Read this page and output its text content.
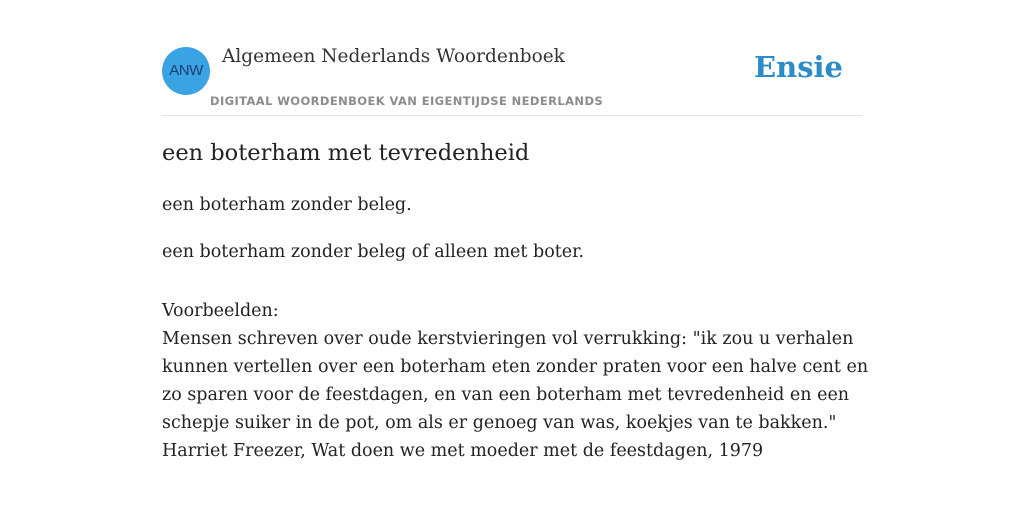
ANW
Algemeen Nederlands Woordenboek
DIGITAAL WOORDENBOEK VAN EIGENTIJDSE NEDERLANDS
Ensie
een boterham met tevredenheid
een boterham zonder beleg.
een boterham zonder beleg of alleen met boter.
Voorbeelden:
Mensen schreven over oude kerstvieringen vol verrukking: "ik zou u verhalen
kunnen vertellen over een boterham eten zonder praten voor een halve cent en
zo sparen voor de feestdagen, en van een boterham met tevredenheid en een
schepje suiker in de pot, om als er genoeg van was, koekjes van te bakken."
Harriet Freezer, Wat doen we met moeder met de feestdagen, 1979
